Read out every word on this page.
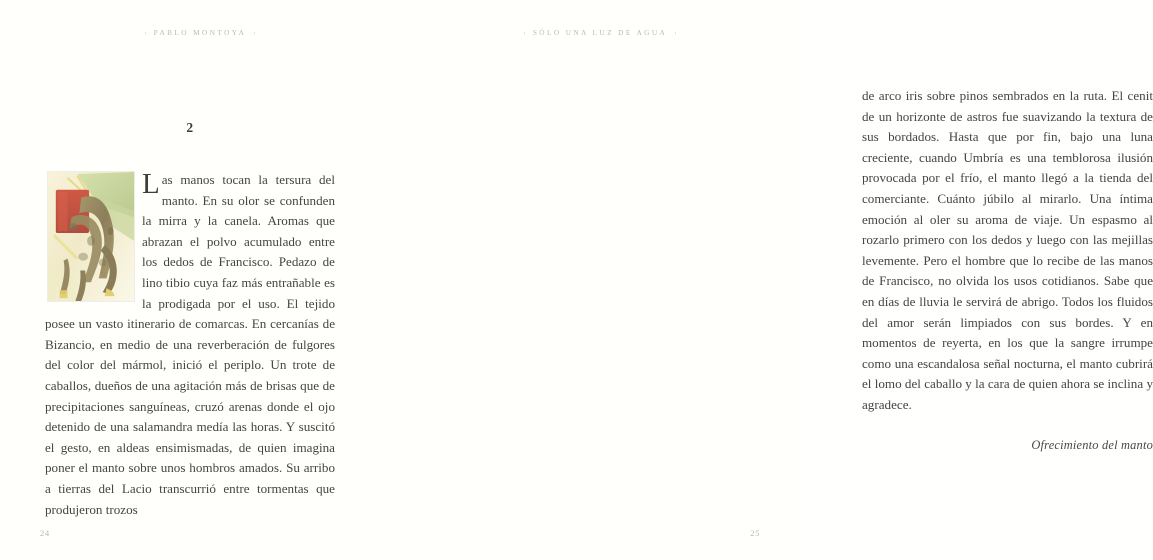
‹ PABLO MONTOYA ›
2

Las manos tocan la tersura del manto. En su olor se confunden la mirra y la canela. Aromas que abrazan el polvo acumulado entre los dedos de Francisco. Pedazo de lino tibio cuya faz más entrañable es la prodigada por el uso. El tejido posee un vasto itinerario de comarcas. En cercanías de Bizancio, en medio de una reverberación de fulgores del color del mármol, inició el periplo. Un trote de caballos, dueños de una agitación más de brisas que de precipitaciones sanguíneas, cruzó arenas donde el ojo detenido de una salamandra medía las horas. Y suscitó el gesto, en aldeas ensimismadas, de quien imagina poner el manto sobre unos hombros amados. Su arribo a tierras del Lacio transcurrió entre tormentas que produjeron trozos

24
‹ SÓLO UNA LUZ DE AGUA ›

de arco iris sobre pinos sembrados en la ruta. El cenit de un horizonte de astros fue suavizando la textura de sus bordados. Hasta que por fin, bajo una luna creciente, cuando Umbría es una temblorosa ilusión provocada por el frío, el manto llegó a la tienda del comerciante. Cuánto júbilo al mirarlo. Una íntima emoción al oler su aroma de viaje. Un espasmo al rozarlo primero con los dedos y luego con las mejillas levemente. Pero el hombre que lo recibe de las manos de Francisco, no olvida los usos cotidianos. Sabe que en días de lluvia le servirá de abrigo. Todos los fluidos del amor serán limpiados con sus bordes. Y en momentos de reyerta, en los que la sangre irrumpe como una escandalosa señal nocturna, el manto cubrirá el lomo del caballo y la cara de quien ahora se inclina y agradece.

Ofrecimiento del manto
25
